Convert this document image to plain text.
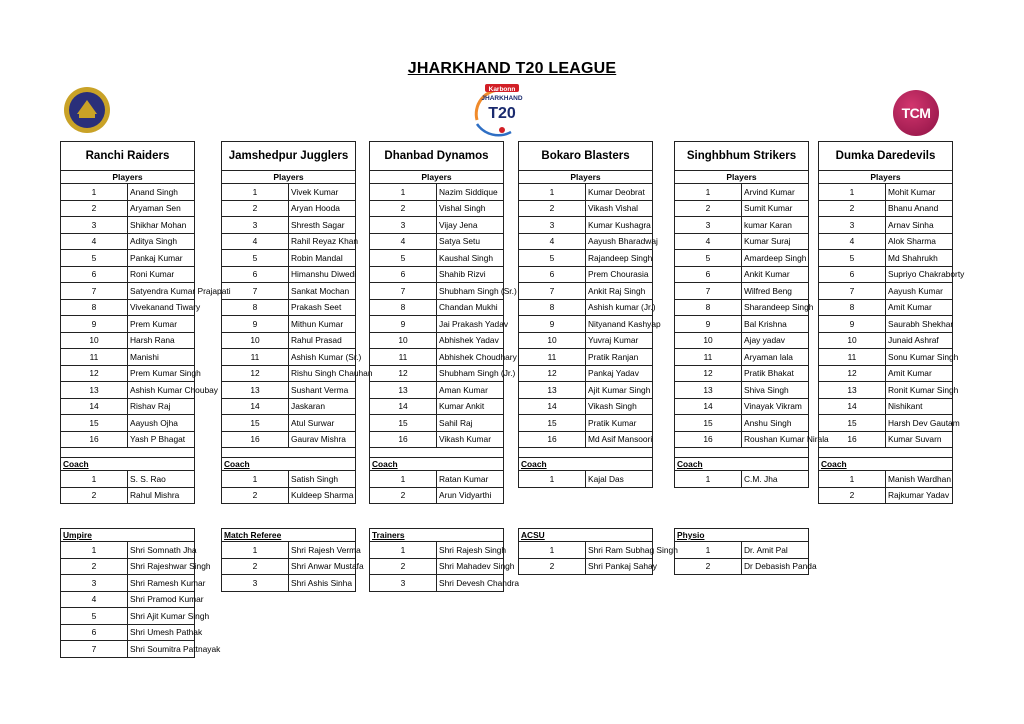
JHARKHAND T20 LEAGUE
Karbonn
JHARKHAND
T20	TCM
Ranchi Raiders	
Players	
1	Anand Singh
2	Aryaman Sen
3	Shikhar Mohan
4	Aditya Singh
5	Pankaj Kumar
6	Roni Kumar
7	Satyendra Kumar Prajapati
8	Vivekanand Tiwary
9	Prem Kumar
10	Harsh Rana
11	Manishi
12	Prem Kumar Singh
13	Ashish Kumar Choubay
14	Rishav Raj
15	Aayush Ojha
16	Yash P Bhagat

Coach	
1	S. S. Rao
2	Rahul Mishra
Jamshedpur Jugglers	
Players	
1	Vivek Kumar
2	Aryan Hooda
3	Shresth Sagar
4	Rahil Reyaz Khan
5	Robin Mandal
6	Himanshu Diwedi
7	Sankat Mochan
8	Prakash Seet
9	Mithun Kumar
10	Rahul Prasad
11	Ashish Kumar (Sr.)
12	Rishu Singh Chauhan
13	Sushant Verma
14	Jaskaran
15	Atul Surwar
16	Gaurav Mishra

Coach	
1	Satish Singh
2	Kuldeep Sharma
Dhanbad Dynamos	
Players	
1	Nazim Siddique
2	Vishal Singh
3	Vijay Jena
4	Satya Setu
5	Kaushal Singh
6	Shahib Rizvi
7	Shubham Singh (Sr.)
8	Chandan Mukhi
9	Jai Prakash Yadav
10	Abhishek Yadav
11	Abhishek Choudhary
12	Shubham Singh (Jr.)
13	Aman Kumar
14	Kumar Ankit
15	Sahil Raj
16	Vikash Kumar

Coach	
1	Ratan Kumar
2	Arun Vidyarthi
Bokaro Blasters	
Players	
1	Kumar Deobrat
2	Vikash Vishal
3	Kumar Kushagra
4	Aayush Bharadwaj
5	Rajandeep Singh
6	Prem Chourasia
7	Ankit Raj Singh
8	Ashish kumar (Jr.)
9	Nityanand Kashyap
10	Yuvraj Kumar
11	Pratik Ranjan
12	Pankaj Yadav
13	Ajit Kumar Singh
14	Vikash Singh
15	Pratik Kumar
16	Md Asif Mansoori

Coach	
1	Kajal Das
Singhbhum Strikers	
Players	
1	Arvind Kumar
2	Sumit Kumar
3	kumar Karan
4	Kumar Suraj
5	Amardeep Singh
6	Ankit Kumar
7	Wilfred Beng
8	Sharandeep Singh
9	Bal Krishna
10	Ajay yadav
11	Aryaman lala
12	Pratik Bhakat
13	Shiva Singh
14	Vinayak Vikram
15	Anshu Singh
16	Roushan Kumar Nirala

Coach	
1	C.M. Jha
Dumka Daredevils	
Players	
1	Mohit Kumar
2	Bhanu Anand
3	Arnav Sinha
4	Alok Sharma
5	Md Shahrukh
6	Supriyo Chakraborty
7	Aayush Kumar
8	Amit Kumar
9	Saurabh Shekhar
10	Junaid Ashraf
11	Sonu Kumar Singh
12	Amit Kumar
13	Ronit Kumar Singh
14	Nishikant
15	Harsh Dev Gautam
16	Kumar Suvarn

Coach	
1	Manish Wardhan
2	Rajkumar Yadav
Umpire	
1	Shri Somnath Jha
2	Shri Rajeshwar Singh
3	Shri Ramesh Kumar
4	Shri Pramod Kumar
5	Shri Ajit Kumar Singh
6	Shri Umesh Pathak
7	Shri Soumitra Pattnayak
Match Referee	
1	Shri Rajesh Verma
2	Shri Anwar Mustafa
3	Shri Ashis Sinha
Trainers	
1	Shri Rajesh Singh
2	Shri Mahadev Singh
3	Shri Devesh Chandra
ACSU	
1	Shri Ram Subhag Singh
2	Shri Pankaj Sahay
Physio	
1	Dr. Amit Pal
2	Dr Debasish Panda
